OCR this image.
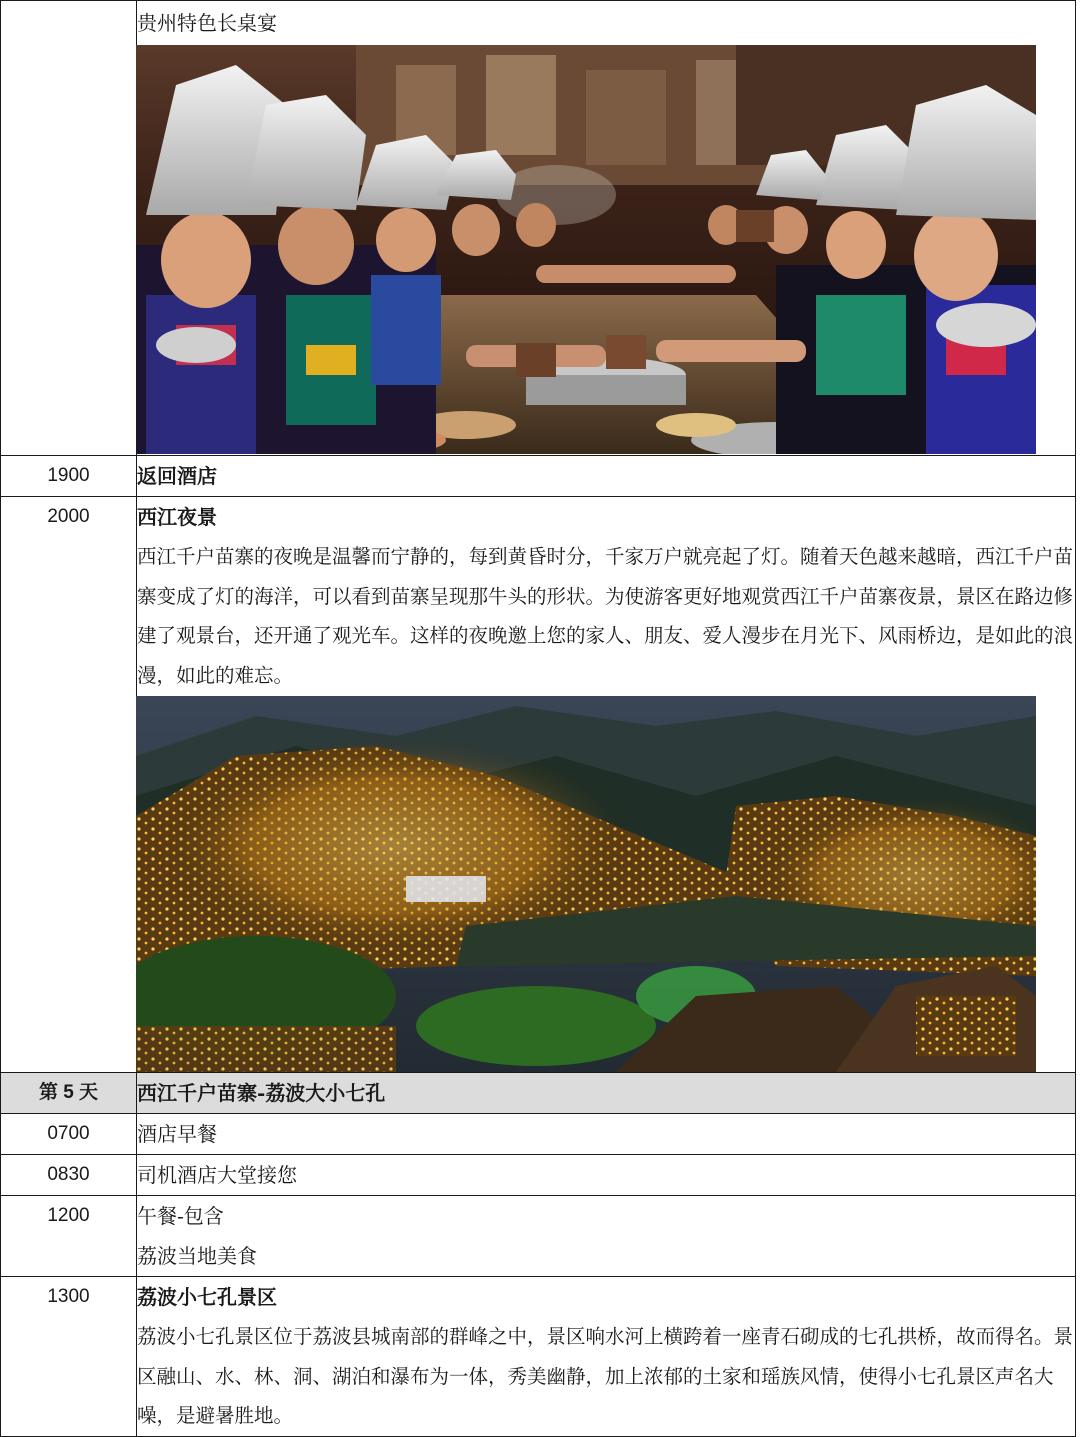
	贵州特色长桌宴

1900	返回酒店

2000	西江夜景

西江千户苗寨的夜晚是温馨而宁静的，每到黄昏时分，千家万户就亮起了灯。随着天色越来越暗，西江千户苗寨变成了灯的海洋，可以看到苗寨呈现那牛头的形状。为使游客更好地观赏西江千户苗寨夜景，景区在路边修建了观景台，还开通了观光车。这样的夜晚邀上您的家人、朋友、爱人漫步在月光下、风雨桥边，是如此的浪漫，如此的难忘。

第 5 天	西江千户苗寨-荔波大小七孔

0700	酒店早餐

0830	司机酒店大堂接您

1200	午餐-包含
荔波当地美食

1300	荔波小七孔景区

荔波小七孔景区位于荔波县城南部的群峰之中，景区响水河上横跨着一座青石砌成的七孔拱桥，故而得名。景区融山、水、林、洞、湖泊和瀑布为一体，秀美幽静，加上浓郁的土家和瑶族风情，使得小七孔景区声名大噪，是避暑胜地。
